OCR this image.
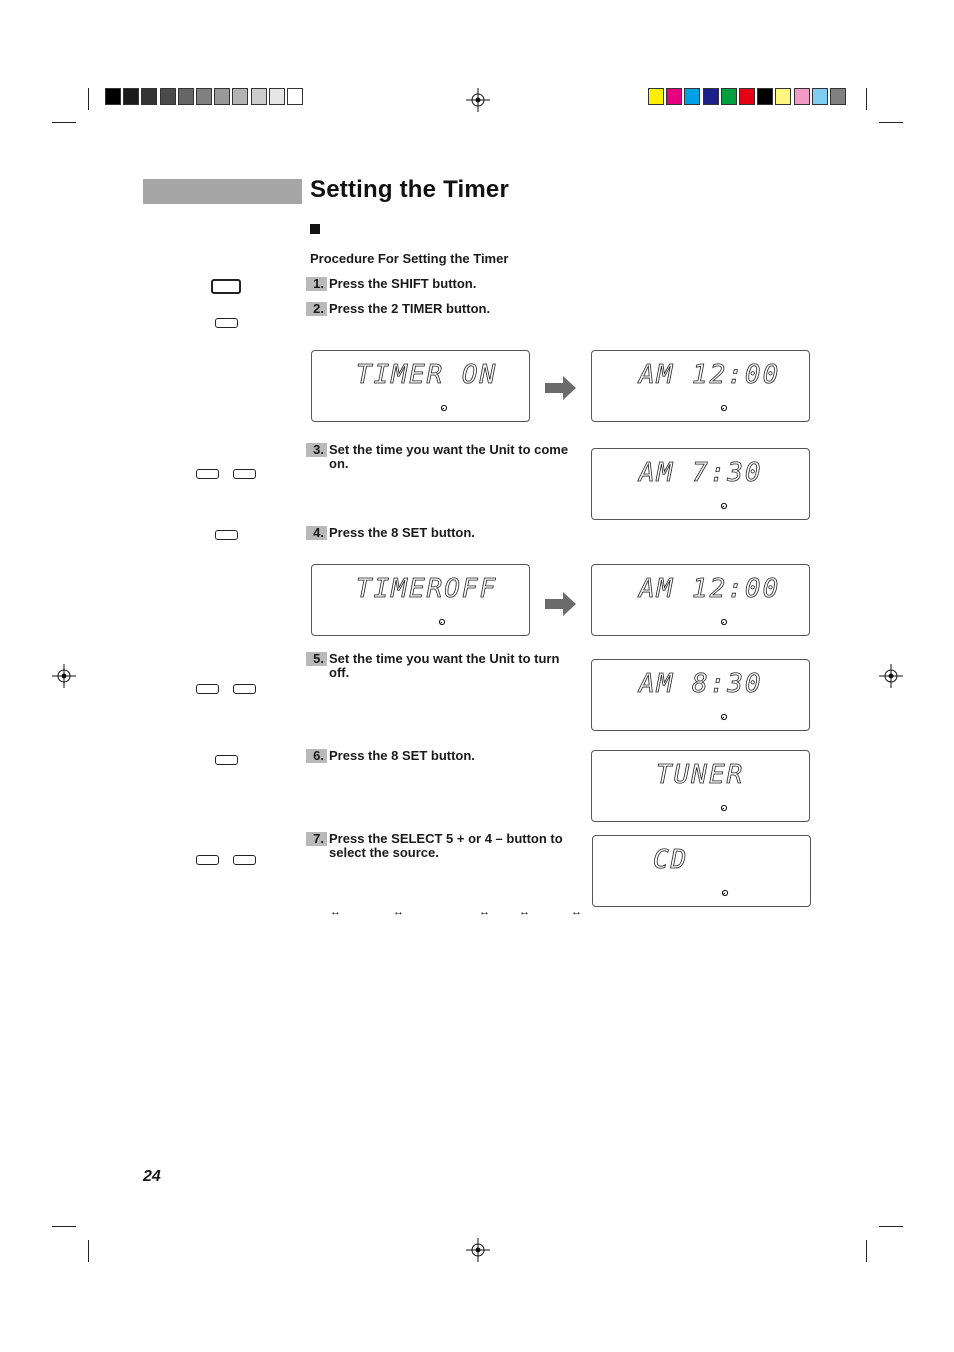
Setting the Timer
Procedure For Setting the Timer
1. Press the SHIFT button.
2. Press the 2 TIMER button.
3. Set the time you want the Unit to come on.
4. Press the 8 SET button.
5. Set the time you want the Unit to turn off.
6. Press the 8 SET button.
7. Press the SELECT 5 + or 4 – button to select the source.
TIMER ON	AM 12:00
AM 7:30
TIMEROFF	AM 12:00
AM 8:30
TUNER
CD
↔	↔	↔	↔	↔
24
